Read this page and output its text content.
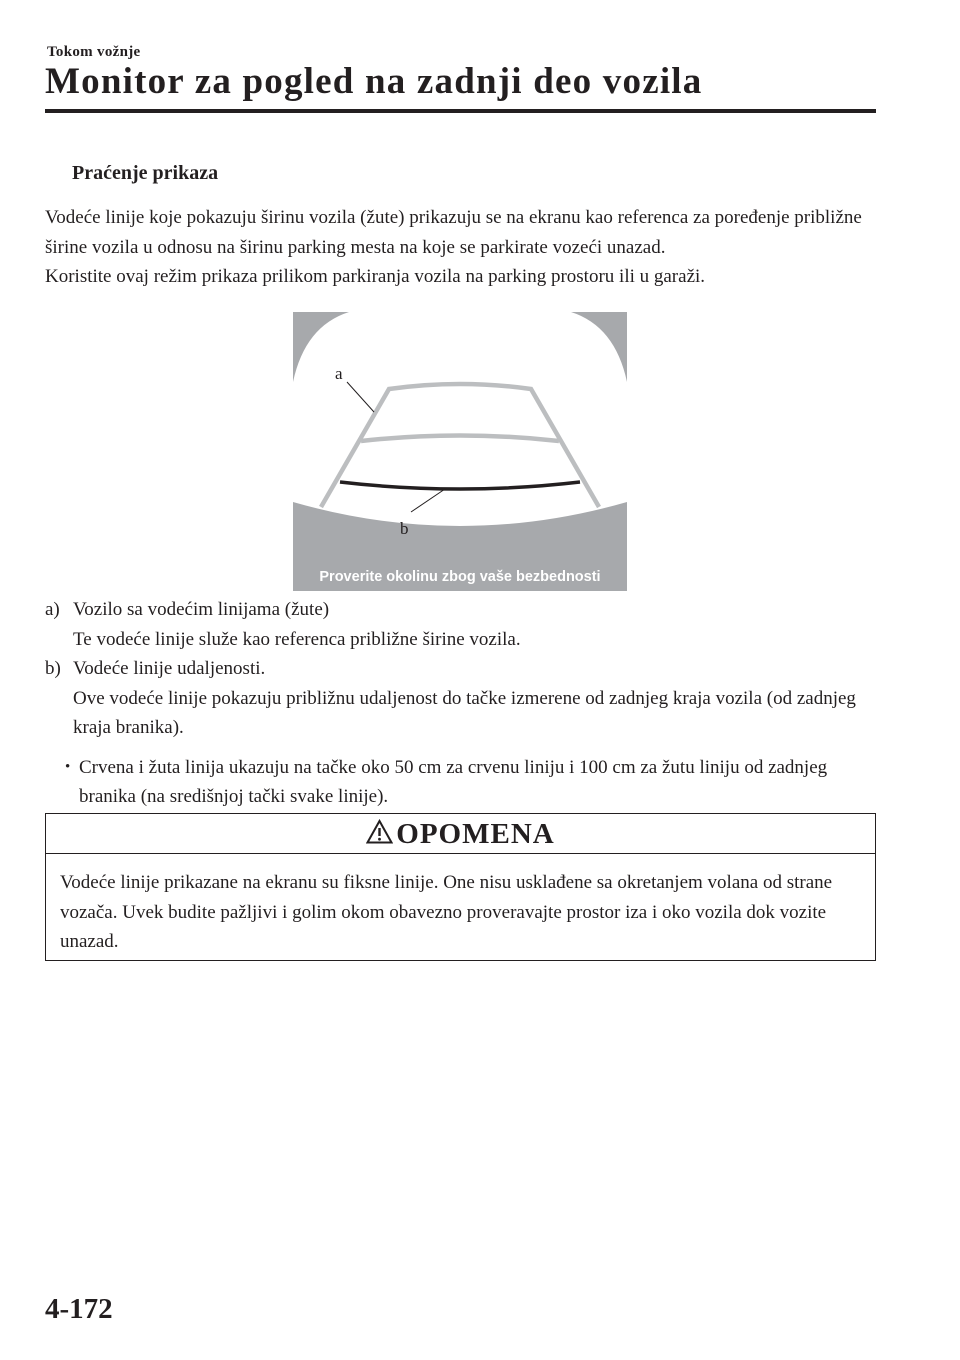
Tokom vožnje
Monitor za pogled na zadnji deo vozila
Praćenje prikaza

Vodeće linije koje pokazuju širinu vozila (žute) prikazuju se na ekranu kao referenca za poređenje približne širine vozila u odnosu na širinu parking mesta na koje se parkirate vozeći unazad.

Koristite ovaj režim prikaza prilikom parkiranja vozila na parking prostoru ili u garaži.

a
b
Proverite okolinu zbog vaše bezbednosti
a) Vozilo sa vodećim linijama (žute)
Te vodeće linije služe kao referenca približne širine vozila.
b) Vodeće linije udaljenosti.
Ove vodeće linije pokazuju približnu udaljenost do tačke izmerene od zadnjeg kraja vozila (od zadnjeg kraja branika).
• Crvena i žuta linija ukazuju na tačke oko 50 cm za crvenu liniju i 100 cm za žutu liniju od zadnjeg branika (na središnjoj tački svake linije).
OPOMENA
Vodeće linije prikazane na ekranu su fiksne linije. One nisu usklađene sa okretanjem volana od strane vozača. Uvek budite pažljivi i golim okom obavezno proveravajte prostor iza i oko vozila dok vozite unazad.
4-172
